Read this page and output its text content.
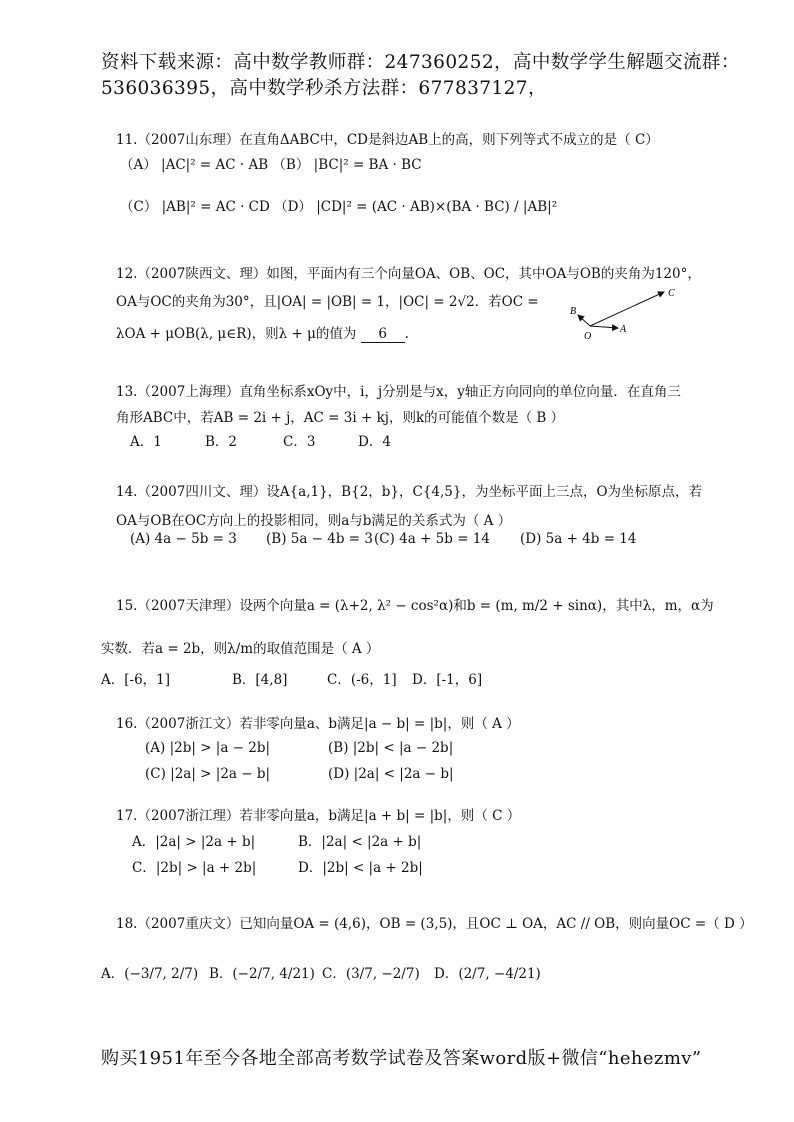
资料下载来源：高中数学教师群：247360252，高中数学学生解题交流群：
536036395，高中数学秒杀方法群：677837127，
11.（2007山东理）在直角ΔABC中，CD是斜边AB上的高，则下列等式不成立的是（ C）
（A） |AC|² = AC · AB （B） |BC|² = BA · BC
（C） |AB|² = AC · CD （D） |CD|² = (AC · AB)×(BA · BC) / |AB|²
12.（2007陕西文、理）如图，平面内有三个向量OA、OB、OC，其中OA与OB的夹角为120°，
OA与OC的夹角为30°，且|OA| = |OB| = 1，|OC| = 2√2．若OC =
λOA + μOB(λ, μ∈R)，则λ + μ的值为 6 .	O
A
B
C
13.（2007上海理）直角坐标系xOy中，i，j分别是与x，y轴正方向同向的单位向量．在直角三
角形ABC中，若AB = 2i + j，AC = 3i + kj，则k的可能值个数是（ B ）
A．1	B．2	C．3	D．4
14.（2007四川文、理）设A{a,1}，B{2，b}，C{4,5}，为坐标平面上三点，O为坐标原点，若
OA与OB在OC方向上的投影相同，则a与b满足的关系式为（ A ）
(A) 4a − 5b = 3 (B) 5a − 4b = 3 (C) 4a + 5b = 14 (D) 5a + 4b = 14
15.（2007天津理）设两个向量a = (λ+2, λ² − cos²α)和b = (m, m/2 + sinα)，其中λ，m，α为
实数．若a = 2b，则λ/m的取值范围是（ A ）
A．[-6，1]	B．[4,8]	C．(-6，1] D．[-1，6]
16.（2007浙江文）若非零向量a、b满足|a − b| = |b|，则（ A ）
(A) |2b| > |a − 2b|	(B) |2b| < |a − 2b|
(C) |2a| > |2a − b|	(D) |2a| < |2a − b|
17.（2007浙江理）若非零向量a，b满足|a + b| = |b|，则（ C ）
A．|2a| > |2a + b|	B．|2a| < |2a + b|
C．|2b| > |a + 2b|	D．|2b| < |a + 2b|
18.（2007重庆文）已知向量OA = (4,6)，OB = (3,5)，且OC ⊥ OA，AC // OB，则向量OC =（ D ）
A．(−3/7, 2/7) B．(−2/7, 4/21) C．(3/7, −2/7) D．(2/7, −4/21)
购买1951年至今各地全部高考数学试卷及答案word版+微信“hehezmv”
